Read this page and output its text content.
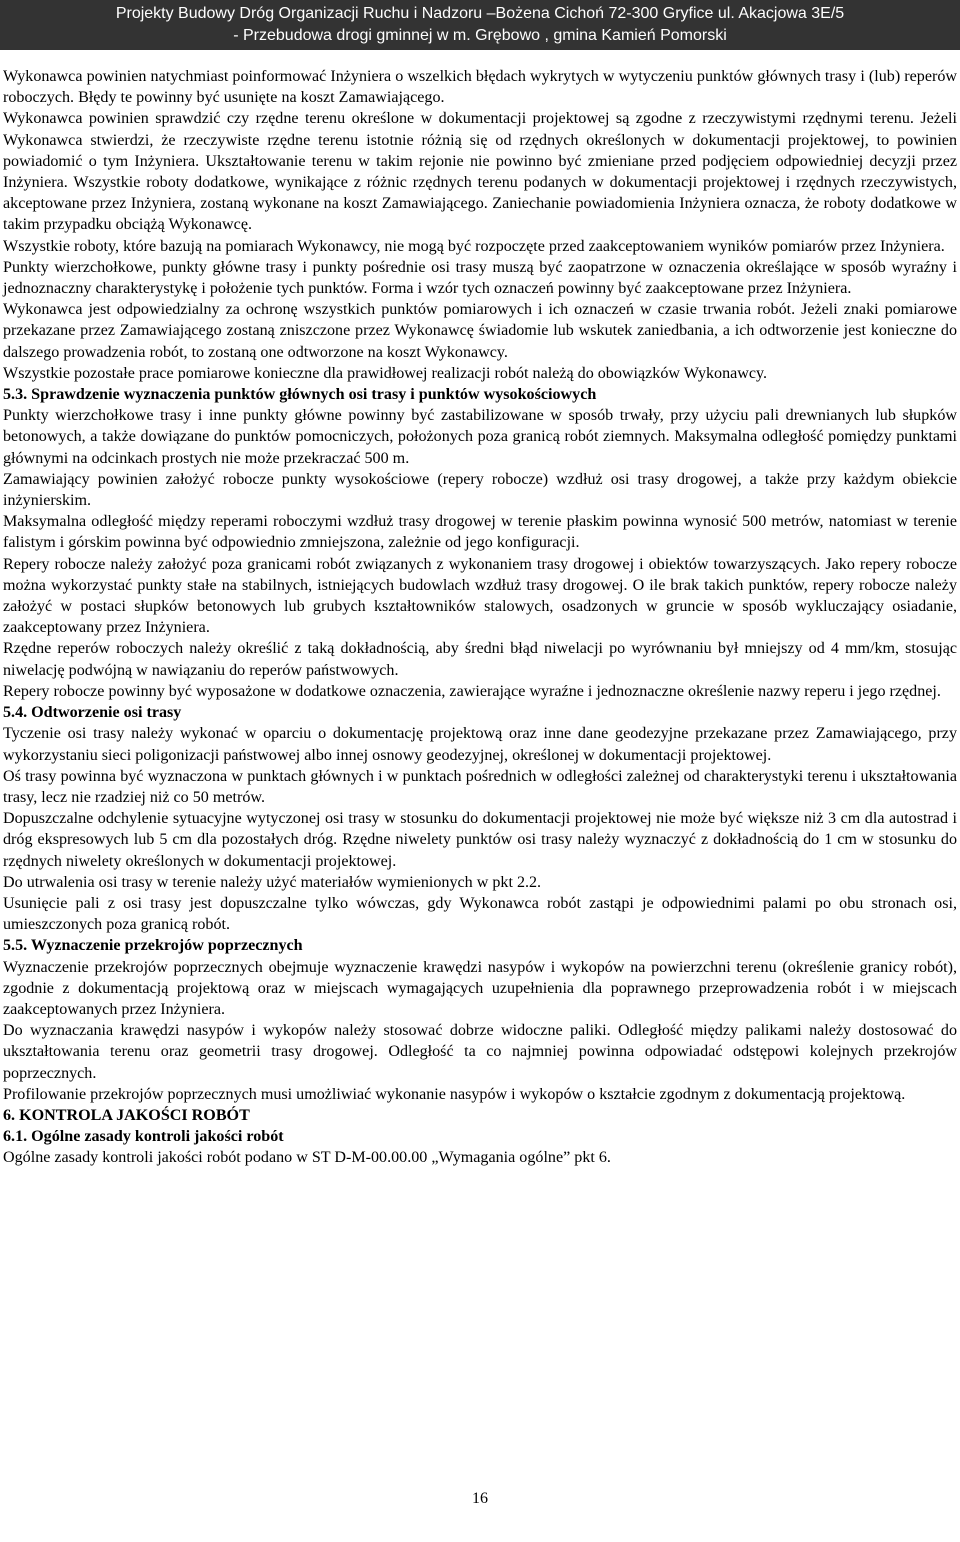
Projekty Budowy Dróg Organizacji Ruchu i Nadzoru –Bożena Cichoń 72-300 Gryfice ul. Akacjowa 3E/5
- Przebudowa drogi gminnej w m. Grębowo , gmina Kamień Pomorski

Wykonawca powinien natychmiast poinformować Inżyniera o wszelkich błędach wykrytych w wytyczeniu punktów głównych trasy i (lub) reperów roboczych. Błędy te powinny być usunięte na koszt Zamawiającego.

Wykonawca powinien sprawdzić czy rzędne terenu określone w dokumentacji projektowej są zgodne z rzeczywistymi rzędnymi terenu. Jeżeli Wykonawca stwierdzi, że rzeczywiste rzędne terenu istotnie różnią się od rzędnych określonych w dokumentacji projektowej, to powinien powiadomić o tym Inżyniera. Ukształtowanie terenu w takim rejonie nie powinno być zmieniane przed podjęciem odpowiedniej decyzji przez Inżyniera. Wszystkie roboty dodatkowe, wynikające z różnic rzędnych terenu podanych w dokumentacji projektowej i rzędnych rzeczywistych, akceptowane przez Inżyniera, zostaną wykonane na koszt Zamawiającego. Zaniechanie powiadomienia Inżyniera oznacza, że roboty dodatkowe w takim przypadku obciążą Wykonawcę.

Wszystkie roboty, które bazują na pomiarach Wykonawcy, nie mogą być rozpoczęte przed zaakceptowaniem wyników pomiarów przez Inżyniera.

Punkty wierzchołkowe, punkty główne trasy i punkty pośrednie osi trasy muszą być zaopatrzone w oznaczenia określające w sposób wyraźny i jednoznaczny charakterystykę i położenie tych punktów. Forma i wzór tych oznaczeń powinny być zaakceptowane przez Inżyniera.

Wykonawca jest odpowiedzialny za ochronę wszystkich punktów pomiarowych i ich oznaczeń w czasie trwania robót. Jeżeli znaki pomiarowe przekazane przez Zamawiającego zostaną zniszczone przez Wykonawcę świadomie lub wskutek zaniedbania, a ich odtworzenie jest konieczne do dalszego prowadzenia robót, to zostaną one odtworzone na koszt Wykonawcy.

Wszystkie pozostałe prace pomiarowe konieczne dla prawidłowej realizacji robót należą do obowiązków Wykonawcy.

5.3. Sprawdzenie wyznaczenia punktów głównych osi trasy i punktów wysokościowych

Punkty wierzchołkowe trasy i inne punkty główne powinny być zastabilizowane w sposób trwały, przy użyciu pali drewnianych lub słupków betonowych, a także dowiązane do punktów pomocniczych, położonych poza granicą robót ziemnych. Maksymalna odległość pomiędzy punktami głównymi na odcinkach prostych nie może przekraczać 500 m.

Zamawiający powinien założyć robocze punkty wysokościowe (repery robocze) wzdłuż osi trasy drogowej, a także przy każdym obiekcie inżynierskim.

Maksymalna odległość między reperami roboczymi wzdłuż trasy drogowej w terenie płaskim powinna wynosić 500 metrów, natomiast w terenie falistym i górskim powinna być odpowiednio zmniejszona, zależnie od jego konfiguracji.

Repery robocze należy założyć poza granicami robót związanych z wykonaniem trasy drogowej i obiektów towarzyszących. Jako repery robocze można wykorzystać punkty stałe na stabilnych, istniejących budowlach wzdłuż trasy drogowej. O ile brak takich punktów, repery robocze należy założyć w postaci słupków betonowych lub grubych kształtowników stalowych, osadzonych w gruncie w sposób wykluczający osiadanie, zaakceptowany przez Inżyniera.

Rzędne reperów roboczych należy określić z taką dokładnością, aby średni błąd niwelacji po wyrównaniu był mniejszy od 4 mm/km, stosując niwelację podwójną w nawiązaniu do reperów państwowych.

Repery robocze powinny być wyposażone w dodatkowe oznaczenia, zawierające wyraźne i jednoznaczne określenie nazwy reperu i jego rzędnej.

5.4. Odtworzenie osi trasy

Tyczenie osi trasy należy wykonać w oparciu o dokumentację projektową oraz inne dane geodezyjne przekazane przez Zamawiającego, przy wykorzystaniu sieci poligonizacji państwowej albo innej osnowy geodezyjnej, określonej w dokumentacji projektowej.

Oś trasy powinna być wyznaczona w punktach głównych i w punktach pośrednich w odległości zależnej od charakterystyki terenu i ukształtowania trasy, lecz nie rzadziej niż co 50 metrów.

Dopuszczalne odchylenie sytuacyjne wytyczonej osi trasy w stosunku do dokumentacji projektowej nie może być większe niż 3 cm dla autostrad i dróg ekspresowych lub 5 cm dla pozostałych dróg. Rzędne niwelety punktów osi trasy należy wyznaczyć z dokładnością do 1 cm w stosunku do rzędnych niwelety określonych w dokumentacji projektowej.

Do utrwalenia osi trasy w terenie należy użyć materiałów wymienionych w pkt 2.2.

Usunięcie pali z osi trasy jest dopuszczalne tylko wówczas, gdy Wykonawca robót zastąpi je odpowiednimi palami po obu stronach osi, umieszczonych poza granicą robót.

5.5. Wyznaczenie przekrojów poprzecznych

Wyznaczenie przekrojów poprzecznych obejmuje wyznaczenie krawędzi nasypów i wykopów na powierzchni terenu (określenie granicy robót), zgodnie z dokumentacją projektową oraz w miejscach wymagających uzupełnienia dla poprawnego przeprowadzenia robót i w miejscach zaakceptowanych przez Inżyniera.

Do wyznaczania krawędzi nasypów i wykopów należy stosować dobrze widoczne paliki. Odległość między palikami należy dostosować do ukształtowania terenu oraz geometrii trasy drogowej. Odległość ta co najmniej powinna odpowiadać odstępowi kolejnych przekrojów poprzecznych.

Profilowanie przekrojów poprzecznych musi umożliwiać wykonanie nasypów i wykopów o kształcie zgodnym z dokumentacją projektową.

6. KONTROLA JAKOŚCI ROBÓT
6.1. Ogólne zasady kontroli jakości robót

Ogólne zasady kontroli jakości robót podano w ST D-M-00.00.00 „Wymagania ogólne” pkt 6.

16
